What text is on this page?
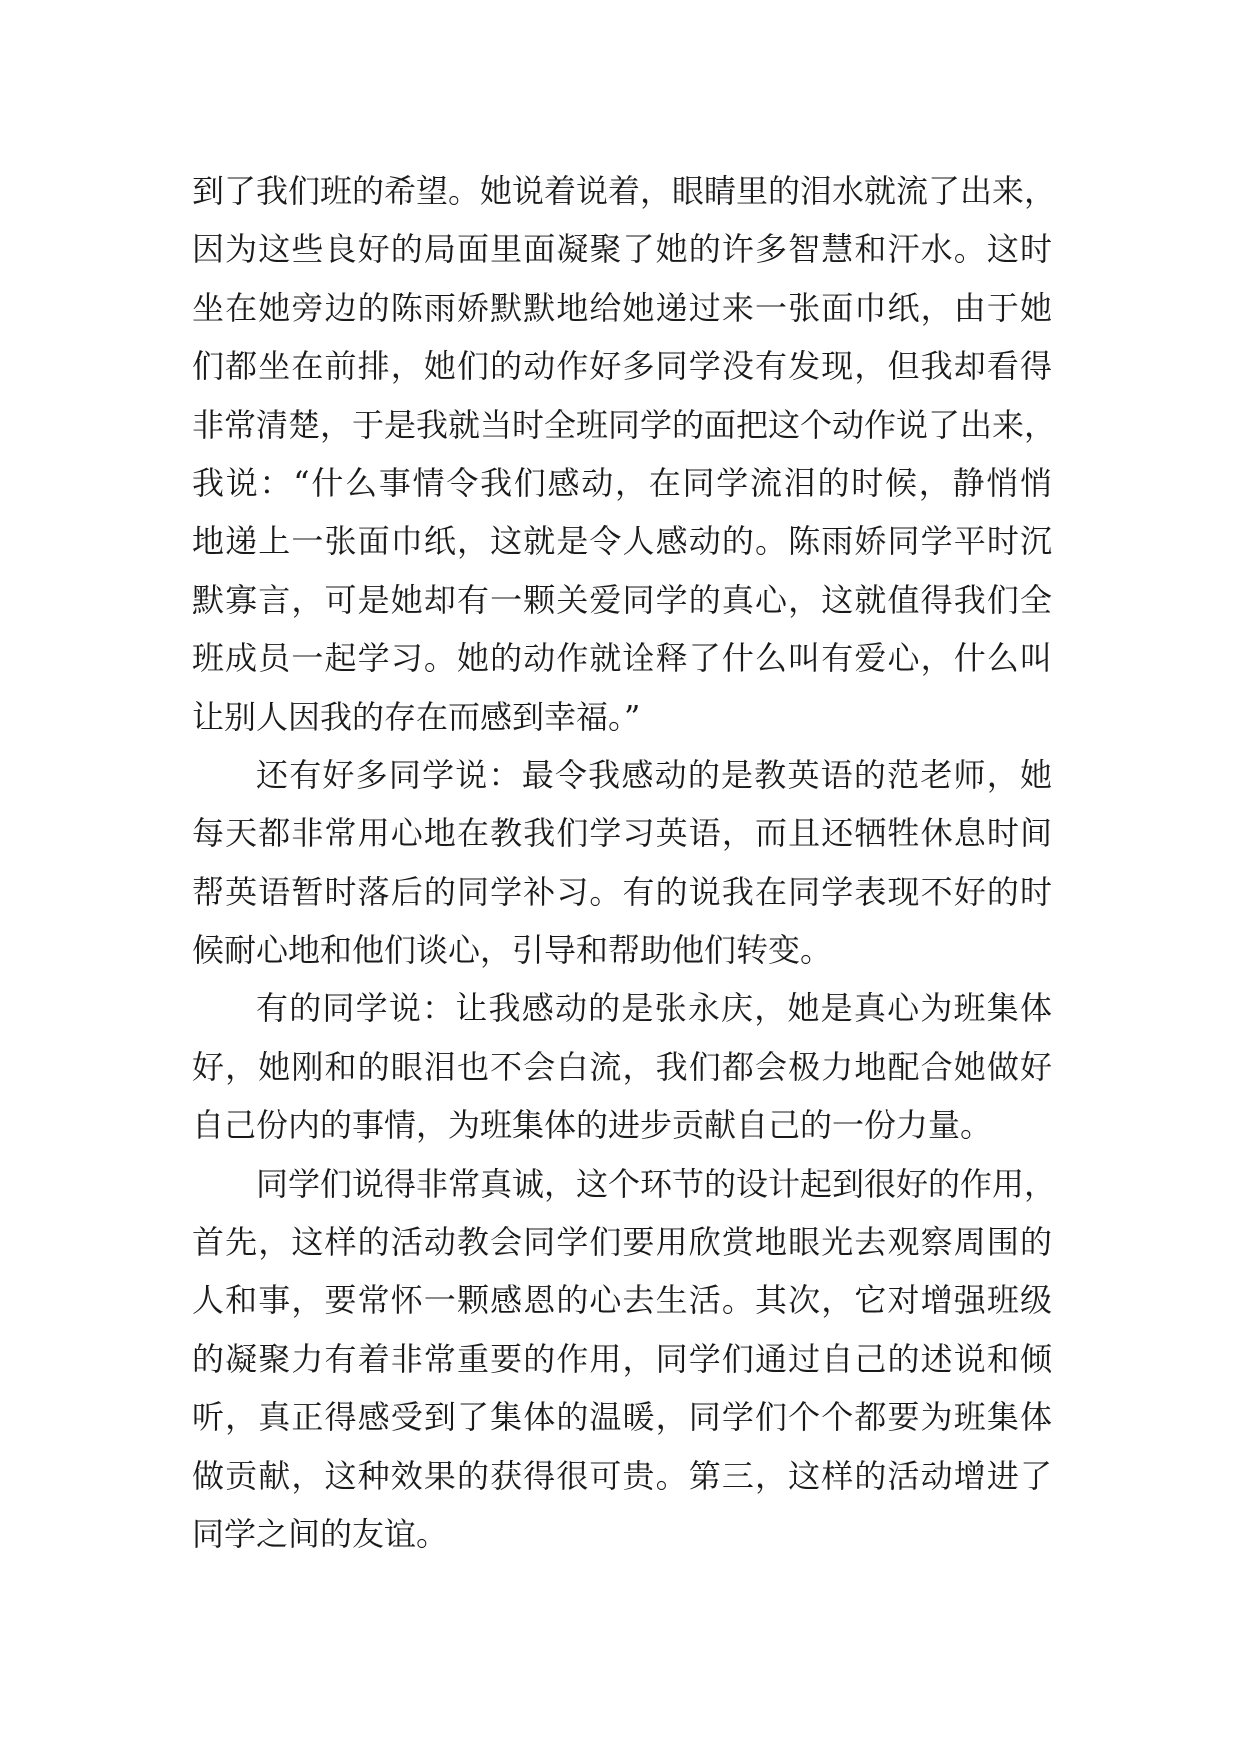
到了我们班的希望。她说着说着，眼睛里的泪水就流了出来，
因为这些良好的局面里面凝聚了她的许多智慧和汗水。这时
坐在她旁边的陈雨娇默默地给她递过来一张面巾纸，由于她
们都坐在前排，她们的动作好多同学没有发现，但我却看得
非常清楚，于是我就当时全班同学的面把这个动作说了出来，
我说：“什么事情令我们感动，在同学流泪的时候，静悄悄
地递上一张面巾纸，这就是令人感动的。陈雨娇同学平时沉
默寡言，可是她却有一颗关爱同学的真心，这就值得我们全
班成员一起学习。她的动作就诠释了什么叫有爱心，什么叫
让别人因我的存在而感到幸福。”
还有好多同学说：最令我感动的是教英语的范老师，她
每天都非常用心地在教我们学习英语，而且还牺牲休息时间
帮英语暂时落后的同学补习。有的说我在同学表现不好的时
候耐心地和他们谈心，引导和帮助他们转变。
有的同学说：让我感动的是张永庆，她是真心为班集体
好，她刚和的眼泪也不会白流，我们都会极力地配合她做好
自己份内的事情，为班集体的进步贡献自己的一份力量。
同学们说得非常真诚，这个环节的设计起到很好的作用，
首先，这样的活动教会同学们要用欣赏地眼光去观察周围的
人和事，要常怀一颗感恩的心去生活。其次，它对增强班级
的凝聚力有着非常重要的作用，同学们通过自己的述说和倾
听，真正得感受到了集体的温暖，同学们个个都要为班集体
做贡献，这种效果的获得很可贵。第三，这样的活动增进了
同学之间的友谊。
